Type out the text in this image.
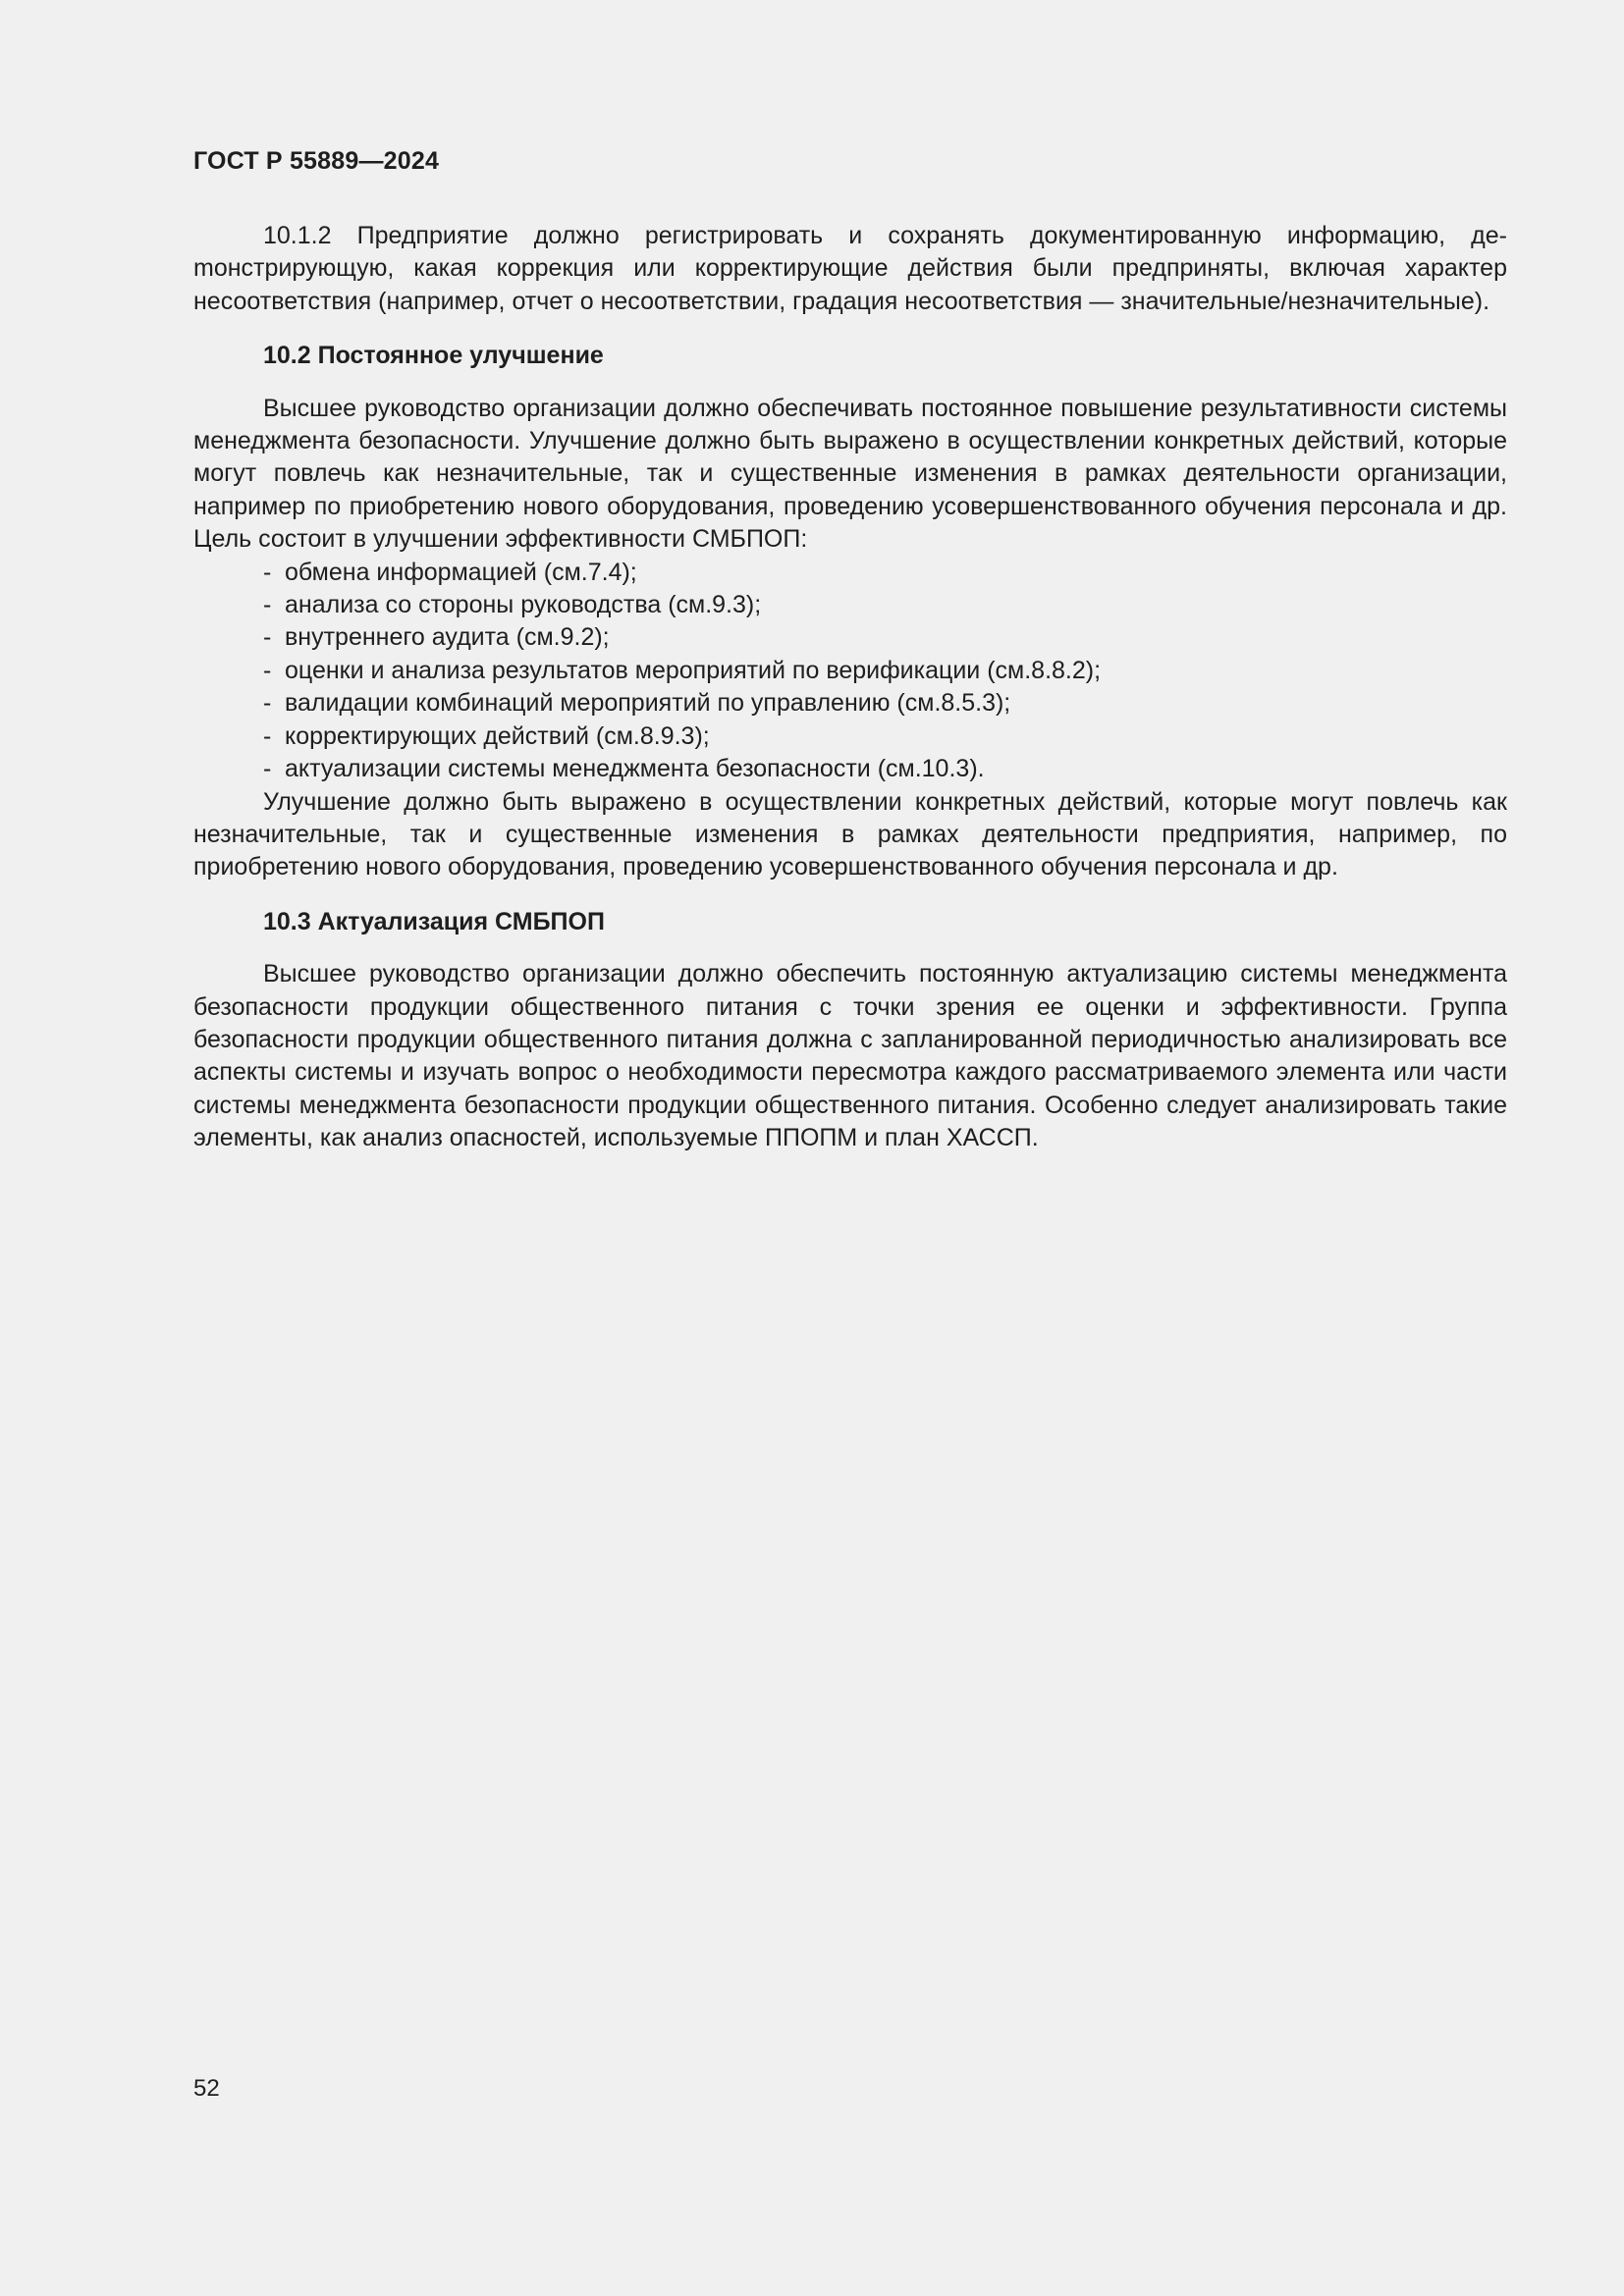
ГОСТ Р 55889—2024

10.1.2 Предприятие должно регистрировать и сохранять документированную информацию, деmонстрирующую, какая коррекция или корректирующие действия были предприняты, включая характер несоответствия (например, отчет о несоответствии, градация несоответствия — значительные/незначительные).

10.2 Постоянное улучшение

Высшее руководство организации должно обеспечивать постоянное повышение результативности системы менеджмента безопасности. Улучшение должно быть выражено в осуществлении конкретных действий, которые могут повлечь как незначительные, так и существенные изменения в рамках деятельности организации, например по приобретению нового оборудования, проведению усовершенствованного обучения персонала и др. Цель состоит в улучшении эффективности СМБПОП:

- обмена информацией (см.7.4);
- анализа со стороны руководства (см.9.3);
- внутреннего аудита (см.9.2);
- оценки и анализа результатов мероприятий по верификации (см.8.8.2);
- валидации комбинаций мероприятий по управлению (см.8.5.3);
- корректирующих действий (см.8.9.3);
- актуализации системы менеджмента безопасности (см.10.3).

Улучшение должно быть выражено в осуществлении конкретных действий, которые могут повлечь как незначительные, так и существенные изменения в рамках деятельности предприятия, например, по приобретению нового оборудования, проведению усовершенствованного обучения персонала и др.

10.3 Актуализация СМБПОП

Высшее руководство организации должно обеспечить постоянную актуализацию системы менеджмента безопасности продукции общественного питания с точки зрения ее оценки и эффективности. Группа безопасности продукции общественного питания должна с запланированной периодичностью анализировать все аспекты системы и изучать вопрос о необходимости пересмотра каждого рассматриваемого элемента или части системы менеджмента безопасности продукции общественного питания. Особенно следует анализировать такие элементы, как анализ опасностей, используемые ППОПМ и план ХАССП.

52
